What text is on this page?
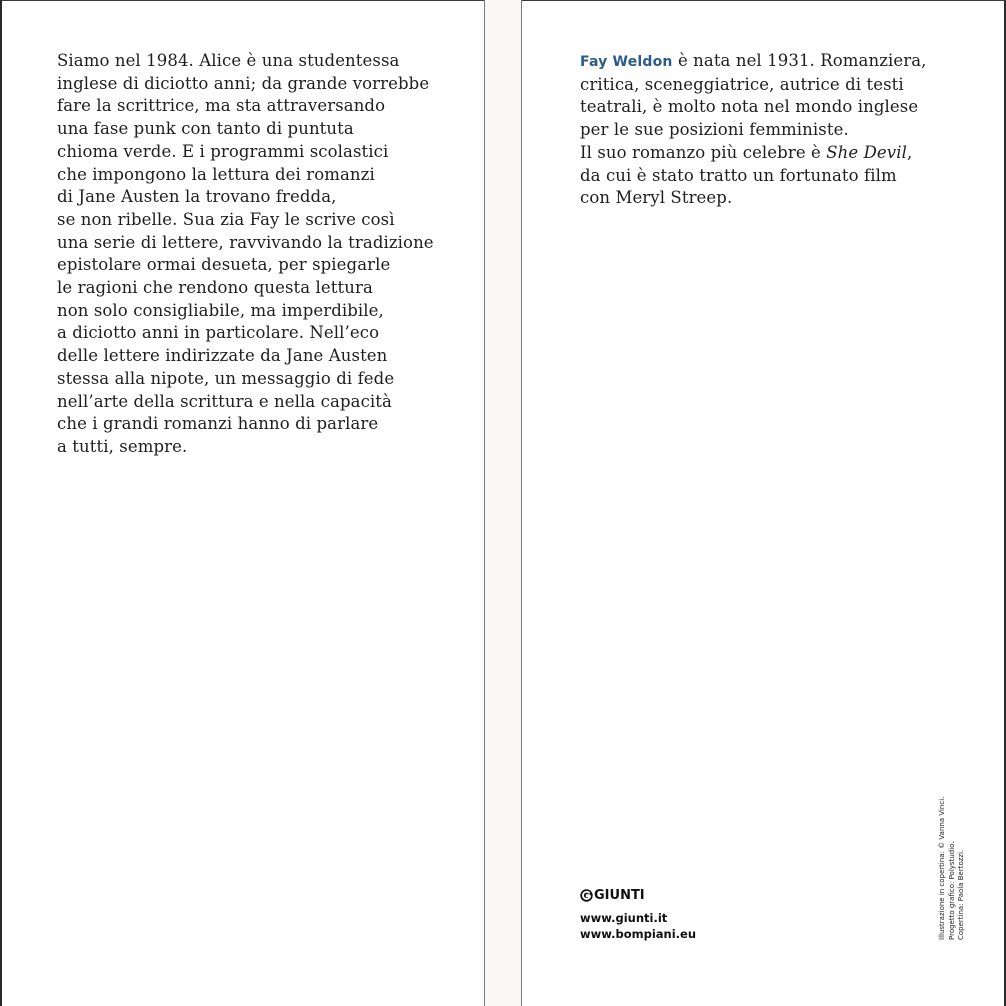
Siamo nel 1984. Alice è una studentessa
inglese di diciotto anni; da grande vorrebbe
fare la scrittrice, ma sta attraversando
una fase punk con tanto di puntuta
chioma verde. E i programmi scolastici
che impongono la lettura dei romanzi
di Jane Austen la trovano fredda,
se non ribelle. Sua zia Fay le scrive così
una serie di lettere, ravvivando la tradizione
epistolare ormai desueta, per spiegarle
le ragioni che rendono questa lettura
non solo consigliabile, ma imperdibile,
a diciotto anni in particolare. Nell’eco
delle lettere indirizzate da Jane Austen
stessa alla nipote, un messaggio di fede
nell’arte della scrittura e nella capacità
che i grandi romanzi hanno di parlare
a tutti, sempre.
Fay Weldon è nata nel 1931. Romanziera,
critica, sceneggiatrice, autrice di testi
teatrali, è molto nota nel mondo inglese
per le sue posizioni femministe.
Il suo romanzo più celebre è She Devil,
da cui è stato tratto un fortunato film
con Meryl Streep.
GIUNTI
www.giunti.it
www.bompiani.eu	Illustrazione in copertina: © Vanna Vinci. Progetto grafico: Polystudio. Copertina: Paola Bertozzi.
